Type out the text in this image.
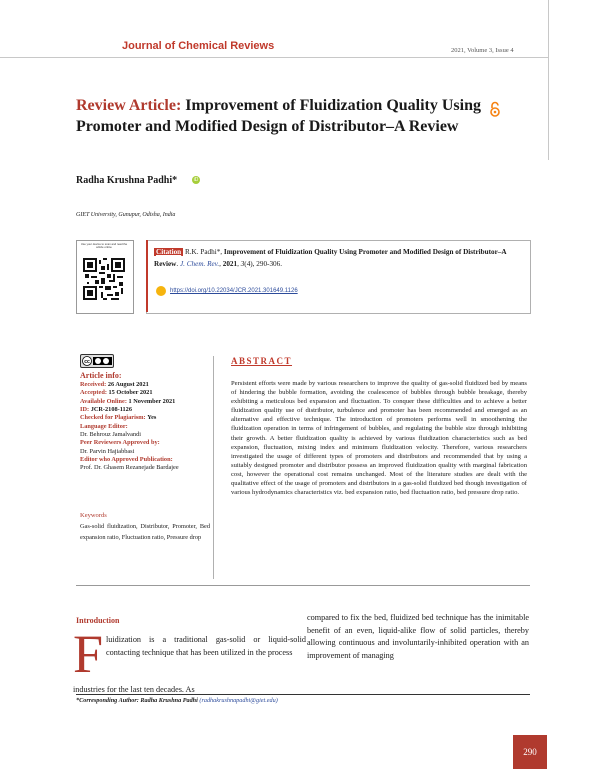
Journal of Chemical Reviews	2021, Volume 3, Issue 4
Review Article: Improvement of Fluidization Quality Using Promoter and Modified Design of Distributor–A Review
Radha Krushna Padhi*	iD
GIET University, Gunupur, Odisha, India
Use your device to scan and read the article online
Citation R.K. Padhi*, Improvement of Fluidization Quality Using Promoter and Modified Design of Distributor–A Review. J. Chem. Rev., 2021, 3(4), 290-306.
https://doi.org/10.22034/JCR.2021.301649.1126
cc
Article info:
Received: 26 August 2021
Accepted: 15 October 2021
Available Online: 1 November 2021
ID: JCR-2108-1126
Checked for Plagiarism: Yes
Language Editor:
Dr. Behrouz Jamalvandi
Peer Reviewers Approved by:
Dr. Parvin Hajiabbasi
Editor who Approved Publication:
Prof. Dr. Ghasem Rezanejade Bardajee
Keywords
Gas-solid fluidization, Distributor, Promoter, Bed expansion ratio, Fluctuation ratio, Pressure drop
ABSTRACT
Persistent efforts were made by various researchers to improve the quality of gas-solid fluidized bed by means of hindering the bubble formation, avoiding the coalescence of bubbles through bubble breakage, thereby exhibiting a meticulous bed expansion and fluctuation. To conquer these difficulties and to achieve a better fluidization quality use of distributor, turbulence and promoter has been recommended and emerged as an alternative and effective technique. The introduction of promoters performs well in smoothening the fluidization operation in terms of infringement of bubbles, and regulating the bubble size through inhibiting their growth. A better fluidization quality is achieved by various fluidization characteristics such as bed expansion, fluctuation, mixing index and minimum fluidization velocity. Therefore, various researchers investigated the usage of different types of promoters and distributors and recommended that by using a suitably designed promoter and distributor possess an improved fluidization quality with marginal fabrication cost, however the operational cost remains unchanged. Most of the literature studies are dealt with the qualitative effect of the usage of promoters and distributors in a gas-solid fluidized bed though investigation of various hydrodynamics characteristics viz. bed expansion ratio, bed fluctuation ratio, bed pressure drop ratio.
Introduction
F luidization is a traditional gas-solid or liquid-solid contacting technique that has been utilized in the process
industries for the last ten decades. As
compared to fix the bed, fluidized bed technique has the inimitable benefit of an even, liquid-alike flow of solid particles, thereby allowing continuous and involuntarily-inhibited operation with an improvement of managing
*Corresponding Author: Radha Krushna Padhi (radhakrushnapadhi@giet.edu)
290
